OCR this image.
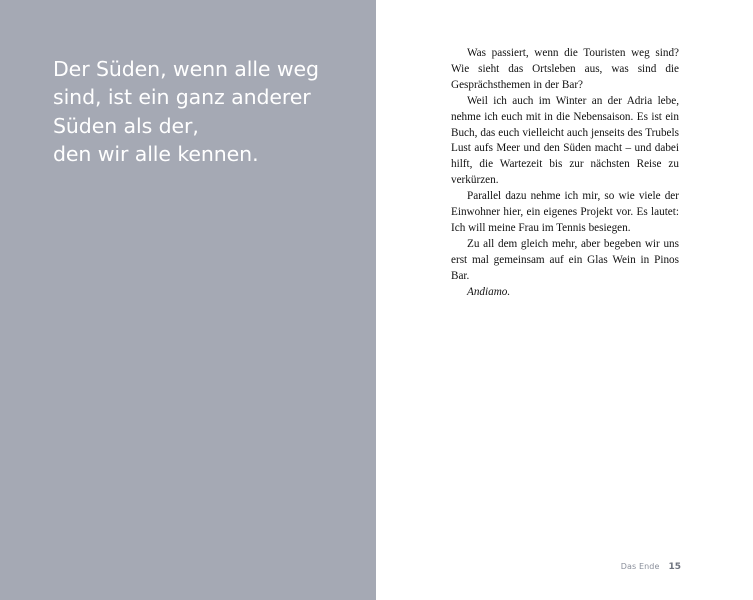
Der Süden, wenn alle weg
sind, ist ein ganz anderer
Süden als der,
den wir alle kennen.

Was passiert, wenn die Touristen weg sind? Wie sieht das Ortsleben aus, was sind die Gesprächsthemen in der Bar?

Weil ich auch im Winter an der Adria lebe, nehme ich euch mit in die Nebensaison. Es ist ein Buch, das euch vielleicht auch jenseits des Trubels Lust aufs Meer und den Süden macht – und dabei hilft, die Wartezeit bis zur nächsten Reise zu verkürzen.

Parallel dazu nehme ich mir, so wie viele der Einwohner hier, ein eigenes Projekt vor. Es lautet: Ich will meine Frau im Tennis besiegen.

Zu all dem gleich mehr, aber begeben wir uns erst mal gemeinsam auf ein Glas Wein in Pinos Bar.

Andiamo.

Das Ende 15
